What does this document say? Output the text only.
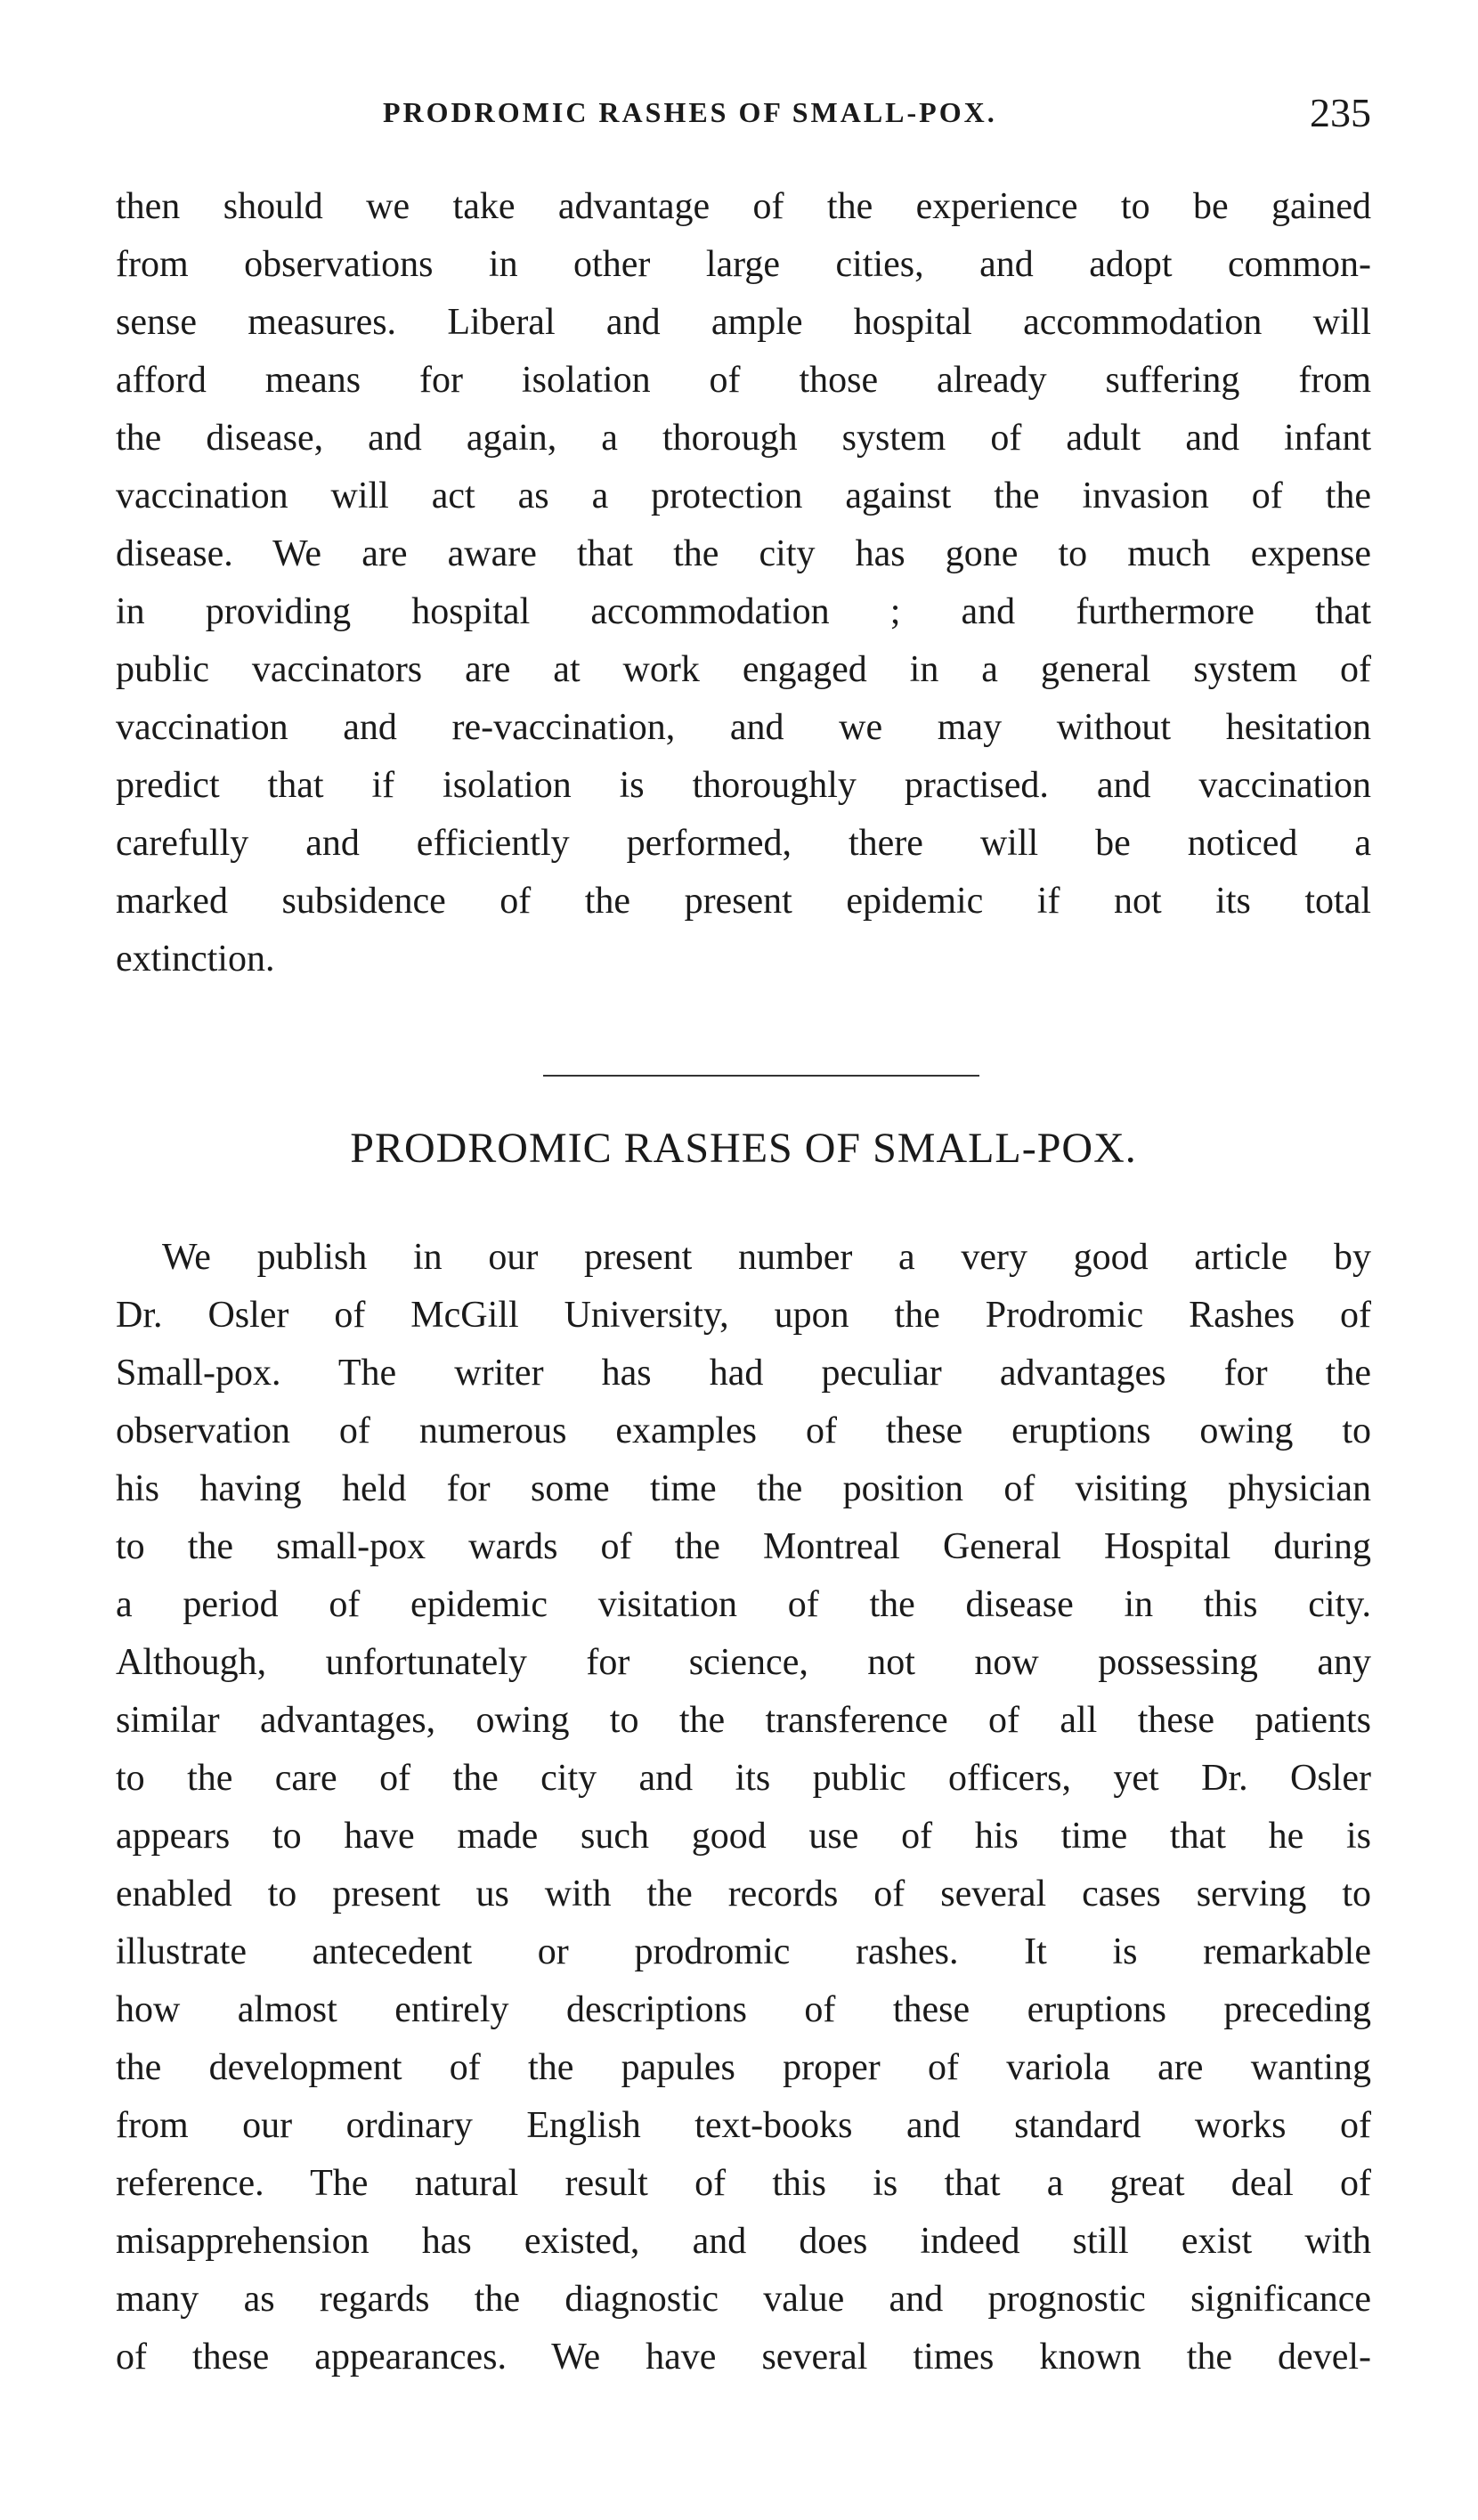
PRODROMIC RASHES OF SMALL-POX.	235
then should we take advantage of the experience to be gained
from observations in other large cities, and adopt common-
sense measures. Liberal and ample hospital accommodation will
afford means for isolation of those already suffering from
the disease, and again, a thorough system of adult and infant
vaccination will act as a protection against the invasion of the
disease. We are aware that the city has gone to much expense
in providing hospital accommodation ; and furthermore that
public vaccinators are at work engaged in a general system of
vaccination and re-vaccination, and we may without hesitation
predict that if isolation is thoroughly practised. and vaccination
carefully and efficiently performed, there will be noticed a
marked subsidence of the present epidemic if not its total
extinction.
PRODROMIC RASHES OF SMALL-POX.
We publish in our present number a very good article by
Dr. Osler of McGill University, upon the Prodromic Rashes of
Small-pox. The writer has had peculiar advantages for the
observation of numerous examples of these eruptions owing to
his having held for some time the position of visiting physician
to the small-pox wards of the Montreal General Hospital during
a period of epidemic visitation of the disease in this city.
Although, unfortunately for science, not now possessing any
similar advantages, owing to the transference of all these patients
to the care of the city and its public officers, yet Dr. Osler
appears to have made such good use of his time that he is
enabled to present us with the records of several cases serving to
illustrate antecedent or prodromic rashes. It is remarkable
how almost entirely descriptions of these eruptions preceding
the development of the papules proper of variola are wanting
from our ordinary English text-books and standard works of
reference. The natural result of this is that a great deal of
misapprehension has existed, and does indeed still exist with
many as regards the diagnostic value and prognostic significance
of these appearances. We have several times known the devel-
